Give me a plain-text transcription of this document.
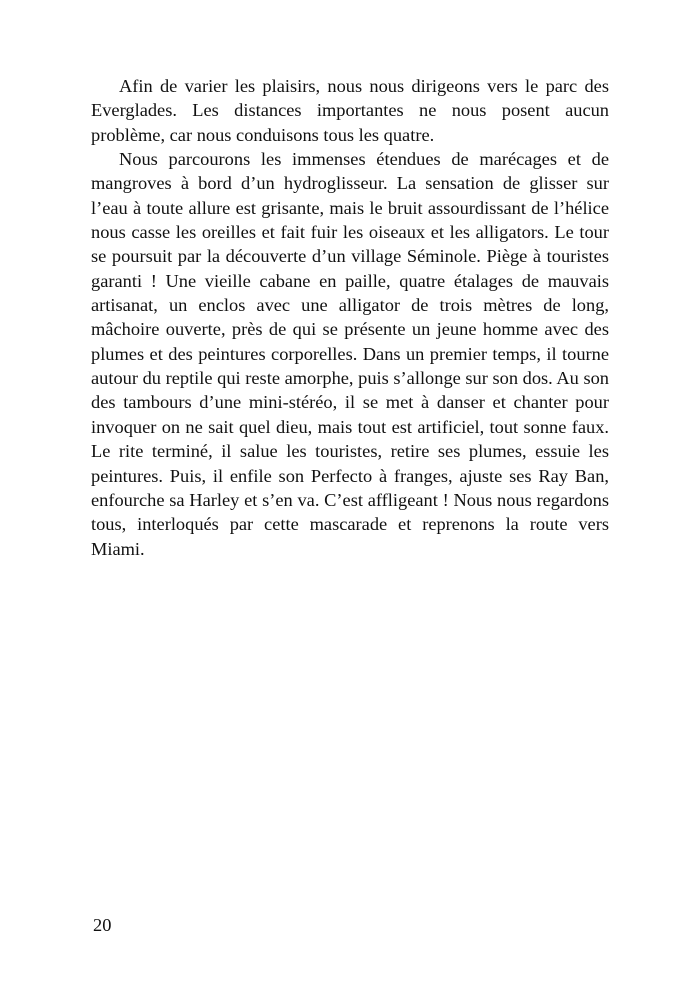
Afin de varier les plaisirs, nous nous dirigeons vers le parc des Everglades. Les distances importantes ne nous posent aucun problème, car nous conduisons tous les quatre.

Nous parcourons les immenses étendues de marécages et de mangroves à bord d’un hydroglisseur. La sensation de glisser sur l’eau à toute allure est grisante, mais le bruit assourdissant de l’hélice nous casse les oreilles et fait fuir les oiseaux et les alligators. Le tour se poursuit par la découverte d’un village Séminole. Piège à touristes garanti ! Une vieille cabane en paille, quatre étalages de mauvais artisanat, un enclos avec une alligator de trois mètres de long, mâchoire ouverte, près de qui se présente un jeune homme avec des plumes et des peintures corporelles. Dans un premier temps, il tourne autour du reptile qui reste amorphe, puis s’allonge sur son dos. Au son des tambours d’une mini-stéréo, il se met à danser et chanter pour invoquer on ne sait quel dieu, mais tout est artificiel, tout sonne faux. Le rite terminé, il salue les touristes, retire ses plumes, essuie les peintures. Puis, il enfile son Perfecto à franges, ajuste ses Ray Ban, enfourche sa Harley et s’en va. C’est affligeant ! Nous nous regardons tous, interloqués par cette mascarade et reprenons la route vers Miami.

20
